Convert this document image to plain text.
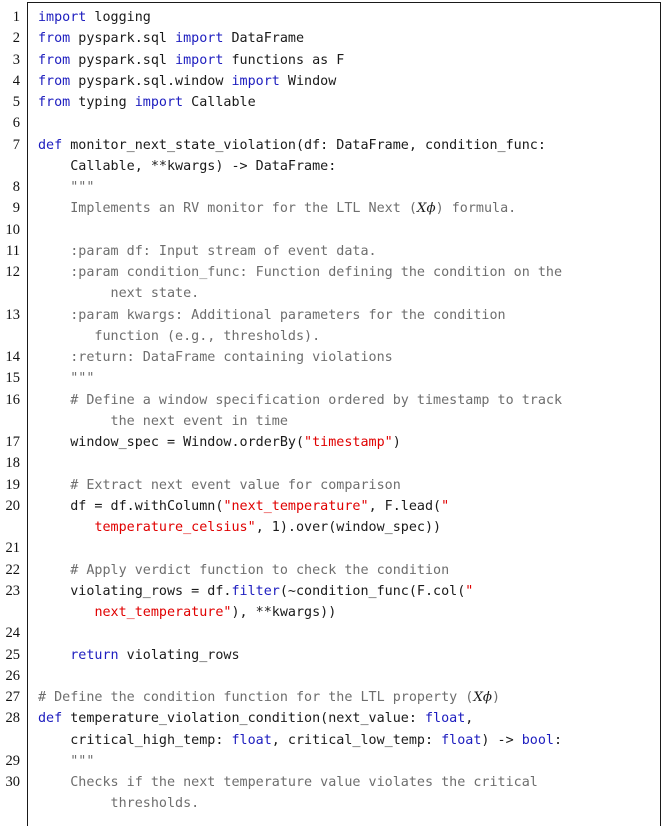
1 import logging
2 from pyspark.sql import DataFrame
3 from pyspark.sql import functions as F
4 from pyspark.sql.window import Window
5 from typing import Callable
6
7 def monitor_next_state_violation(df: DataFrame, condition_func:
Callable, **kwargs) -> DataFrame:
8 """
9 Implements an RV monitor for the LTL Next (Xϕ) formula.
10
11 :param df: Input stream of event data.
12 :param condition_func: Function defining the condition on the
next state.
13 :param kwargs: Additional parameters for the condition
function (e.g., thresholds).
14 :return: DataFrame containing violations
15 """
16 # Define a window specification ordered by timestamp to track
the next event in time
17 window_spec = Window.orderBy("timestamp")
18
19 # Extract next event value for comparison
20 df = df.withColumn("next_temperature", F.lead("
temperature_celsius", 1).over(window_spec))
21
22 # Apply verdict function to check the condition
23 violating_rows = df.filter(~condition_func(F.col("
next_temperature"), **kwargs))
24
25	return violating_rows
26
27 # Define the condition function for the LTL property (Xϕ)
28 def temperature_violation_condition(next_value: float,
critical_high_temp: float, critical_low_temp: float) -> bool:
29 """
30 Checks if the next temperature value violates the critical
thresholds.
